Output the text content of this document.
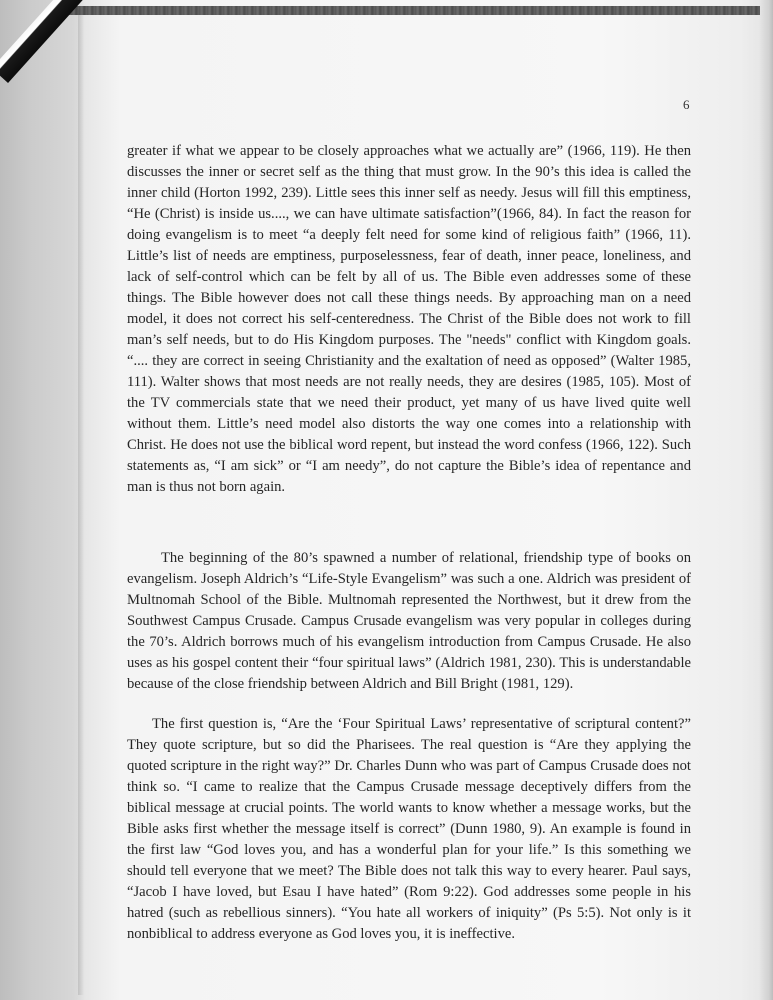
6

greater if what we appear to be closely approaches what we actually are” (1966, 119). He then discusses the inner or secret self as the thing that must grow. In the 90’s this idea is called the inner child (Horton 1992, 239). Little sees this inner self as needy. Jesus will fill this emptiness, “He (Christ) is inside us...., we can have ultimate satisfaction”(1966, 84). In fact the reason for doing evangelism is to meet “a deeply felt need for some kind of religious faith” (1966, 11). Little’s list of needs are emptiness, purposelessness, fear of death, inner peace, loneliness, and lack of self-control which can be felt by all of us. The Bible even addresses some of these things. The Bible however does not call these things needs. By approaching man on a need model, it does not correct his self-centeredness. The Christ of the Bible does not work to fill man’s self needs, but to do His Kingdom purposes. The "needs" conflict with Kingdom goals. “.... they are correct in seeing Christianity and the exaltation of need as opposed” (Walter 1985, 111). Walter shows that most needs are not really needs, they are desires (1985, 105). Most of the TV commercials state that we need their product, yet many of us have lived quite well without them. Little’s need model also distorts the way one comes into a relationship with Christ. He does not use the biblical word repent, but instead the word confess (1966, 122). Such statements as, “I am sick” or “I am needy”, do not capture the Bible’s idea of repentance and man is thus not born again.

The beginning of the 80’s spawned a number of relational, friendship type of books on evangelism. Joseph Aldrich’s “Life-Style Evangelism” was such a one. Aldrich was president of Multnomah School of the Bible. Multnomah represented the Northwest, but it drew from the Southwest Campus Crusade. Campus Crusade evangelism was very popular in colleges during the 70’s. Aldrich borrows much of his evangelism introduction from Campus Crusade. He also uses as his gospel content their “four spiritual laws” (Aldrich 1981, 230). This is understandable because of the close friendship between Aldrich and Bill Bright (1981, 129).

The first question is, “Are the ‘Four Spiritual Laws’ representative of scriptural content?” They quote scripture, but so did the Pharisees. The real question is “Are they applying the quoted scripture in the right way?” Dr. Charles Dunn who was part of Campus Crusade does not think so. “I came to realize that the Campus Crusade message deceptively differs from the biblical message at crucial points. The world wants to know whether a message works, but the Bible asks first whether the message itself is correct” (Dunn 1980, 9). An example is found in the first law “God loves you, and has a wonderful plan for your life.” Is this something we should tell everyone that we meet? The Bible does not talk this way to every hearer. Paul says, “Jacob I have loved, but Esau I have hated” (Rom 9:22). God addresses some people in his hatred (such as rebellious sinners). “You hate all workers of iniquity” (Ps 5:5). Not only is it nonbiblical to address everyone as God loves you, it is ineffective.
